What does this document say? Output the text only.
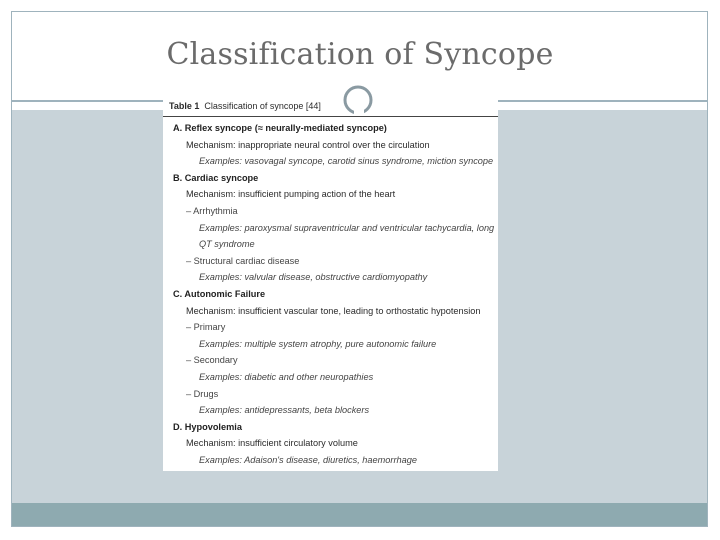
Classification of Syncope
Table 1 Classification of syncope [44]
A. Reflex syncope (≈ neurally-mediated syncope)
Mechanism: inappropriate neural control over the circulation
Examples: vasovagal syncope, carotid sinus syndrome, miction syncope
B. Cardiac syncope
Mechanism: insufficient pumping action of the heart
– Arrhythmia
Examples: paroxysmal supraventricular and ventricular tachycardia, long
QT syndrome
– Structural cardiac disease
Examples: valvular disease, obstructive cardiomyopathy
C. Autonomic Failure
Mechanism: insufficient vascular tone, leading to orthostatic hypotension
– Primary
Examples: multiple system atrophy, pure autonomic failure
– Secondary
Examples: diabetic and other neuropathies
– Drugs
Examples: antidepressants, beta blockers
D. Hypovolemia
Mechanism: insufficient circulatory volume
Examples: Adaison's disease, diuretics, haemorrhage
